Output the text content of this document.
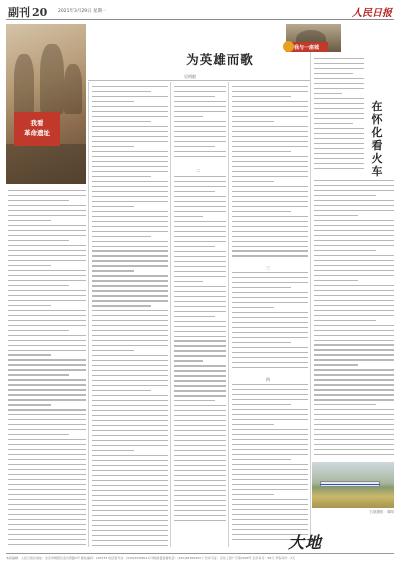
副刊 20 2021年3月29日 星期一	人民日报
我看
革命遗址
为英雄而歌
吴明毅
二
三
四
我与一座城
在
怀
化
看
火
车
右图摄影：谭明
大地
本版编辑：人民日报社地址：北京市朝阳区金台西路2号 邮政编码：100733 电话查号台：(010)65368114 印刷质量监督电话：(010)65369463 广告许可证：京东工商广字第0098号 定价每月：58元 零售每份：2元
